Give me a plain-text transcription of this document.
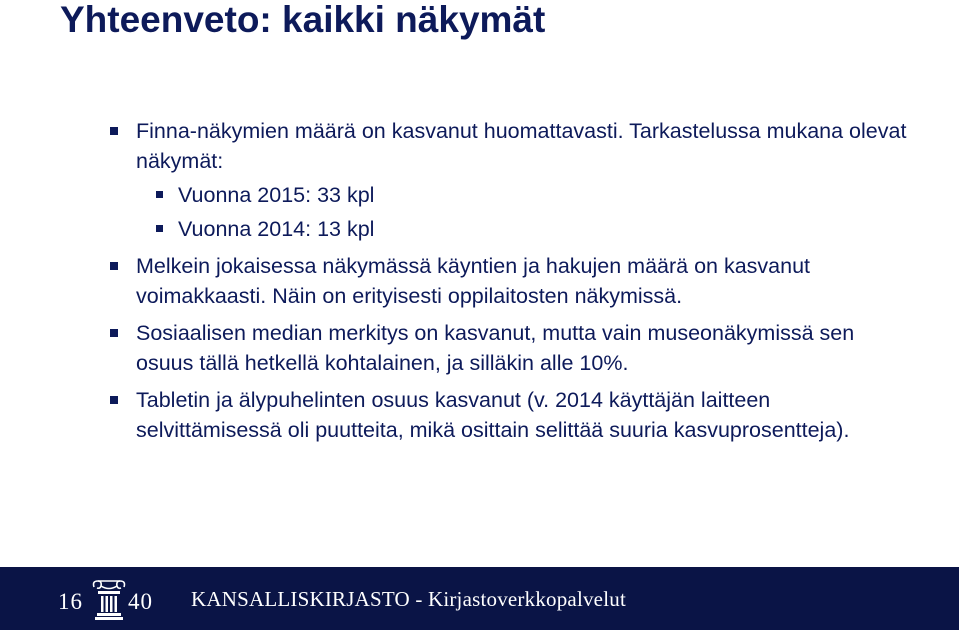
Yhteenveto: kaikki näkymät
Finna-näkymien määrä on kasvanut huomattavasti. Tarkastelussa mukana olevat näkymät:
Vuonna 2015: 33 kpl
Vuonna 2014: 13 kpl
Melkein jokaisessa näkymässä käyntien ja hakujen määrä on kasvanut voimakkaasti. Näin on erityisesti oppilaitosten näkymissä.
Sosiaalisen median merkitys on kasvanut, mutta vain museonäkymissä sen osuus tällä hetkellä kohtalainen, ja silläkin alle 10%.
Tabletin ja älypuhelinten osuus kasvanut (v. 2014 käyttäjän laitteen selvittämisessä oli puutteita, mikä osittain selittää suuria kasvuprosentteja).
16 40 KANSALLISKIRJASTO - Kirjastoverkkopalvelut
